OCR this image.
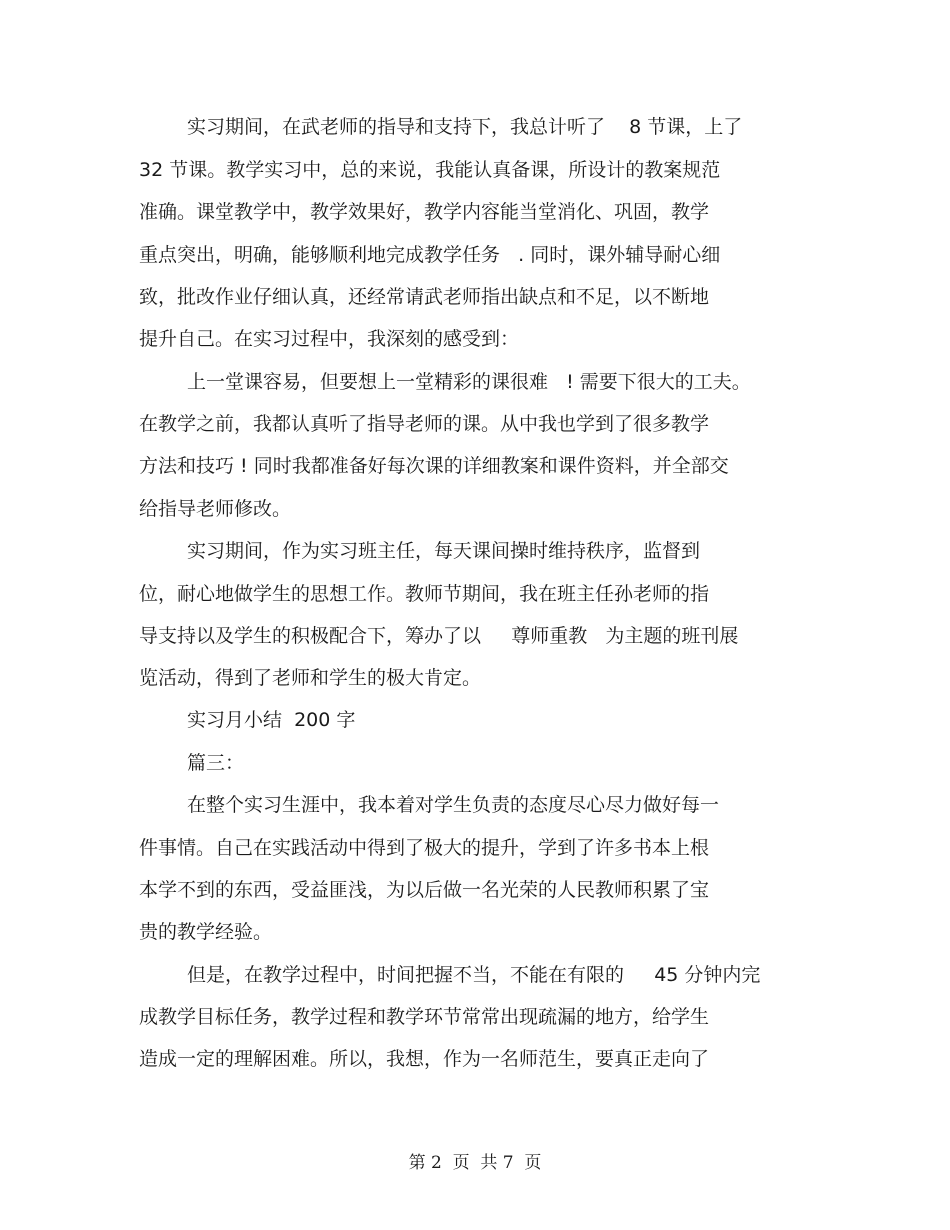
实习期间，在武老师的指导和支持下，我总计听了    8 节课，上了
32 节课。教学实习中，总的来说，我能认真备课，所设计的教案规范
准确。课堂教学中，教学效果好，教学内容能当堂消化、巩固，教学
重点突出，明确，能够顺利地完成教学任务   . 同时，课外辅导耐心细
致，批改作业仔细认真，还经常请武老师指出缺点和不足，以不断地
提升自己。在实习过程中，我深刻的感受到：
上一堂课容易，但要想上一堂精彩的课很难   ! 需要下很大的工夫。
在教学之前，我都认真听了指导老师的课。从中我也学到了很多教学
方法和技巧 ! 同时我都准备好每次课的详细教案和课件资料，并全部交
给指导老师修改。
实习期间，作为实习班主任，每天课间操时维持秩序，监督到
位，耐心地做学生的思想工作。教师节期间，我在班主任孙老师的指
导支持以及学生的积极配合下，筹办了以     尊师重教   为主题的班刊展
览活动，得到了老师和学生的极大肯定。
实习月小结  200 字
篇三：
在整个实习生涯中，我本着对学生负责的态度尽心尽力做好每一
件事情。自己在实践活动中得到了极大的提升，学到了许多书本上根
本学不到的东西，受益匪浅，为以后做一名光荣的人民教师积累了宝
贵的教学经验。
但是，在教学过程中，时间把握不当，不能在有限的     45 分钟内完
成教学目标任务，教学过程和教学环节常常出现疏漏的地方，给学生
造成一定的理解困难。所以，我想，作为一名师范生，要真正走向了
第 2  页  共 7  页
